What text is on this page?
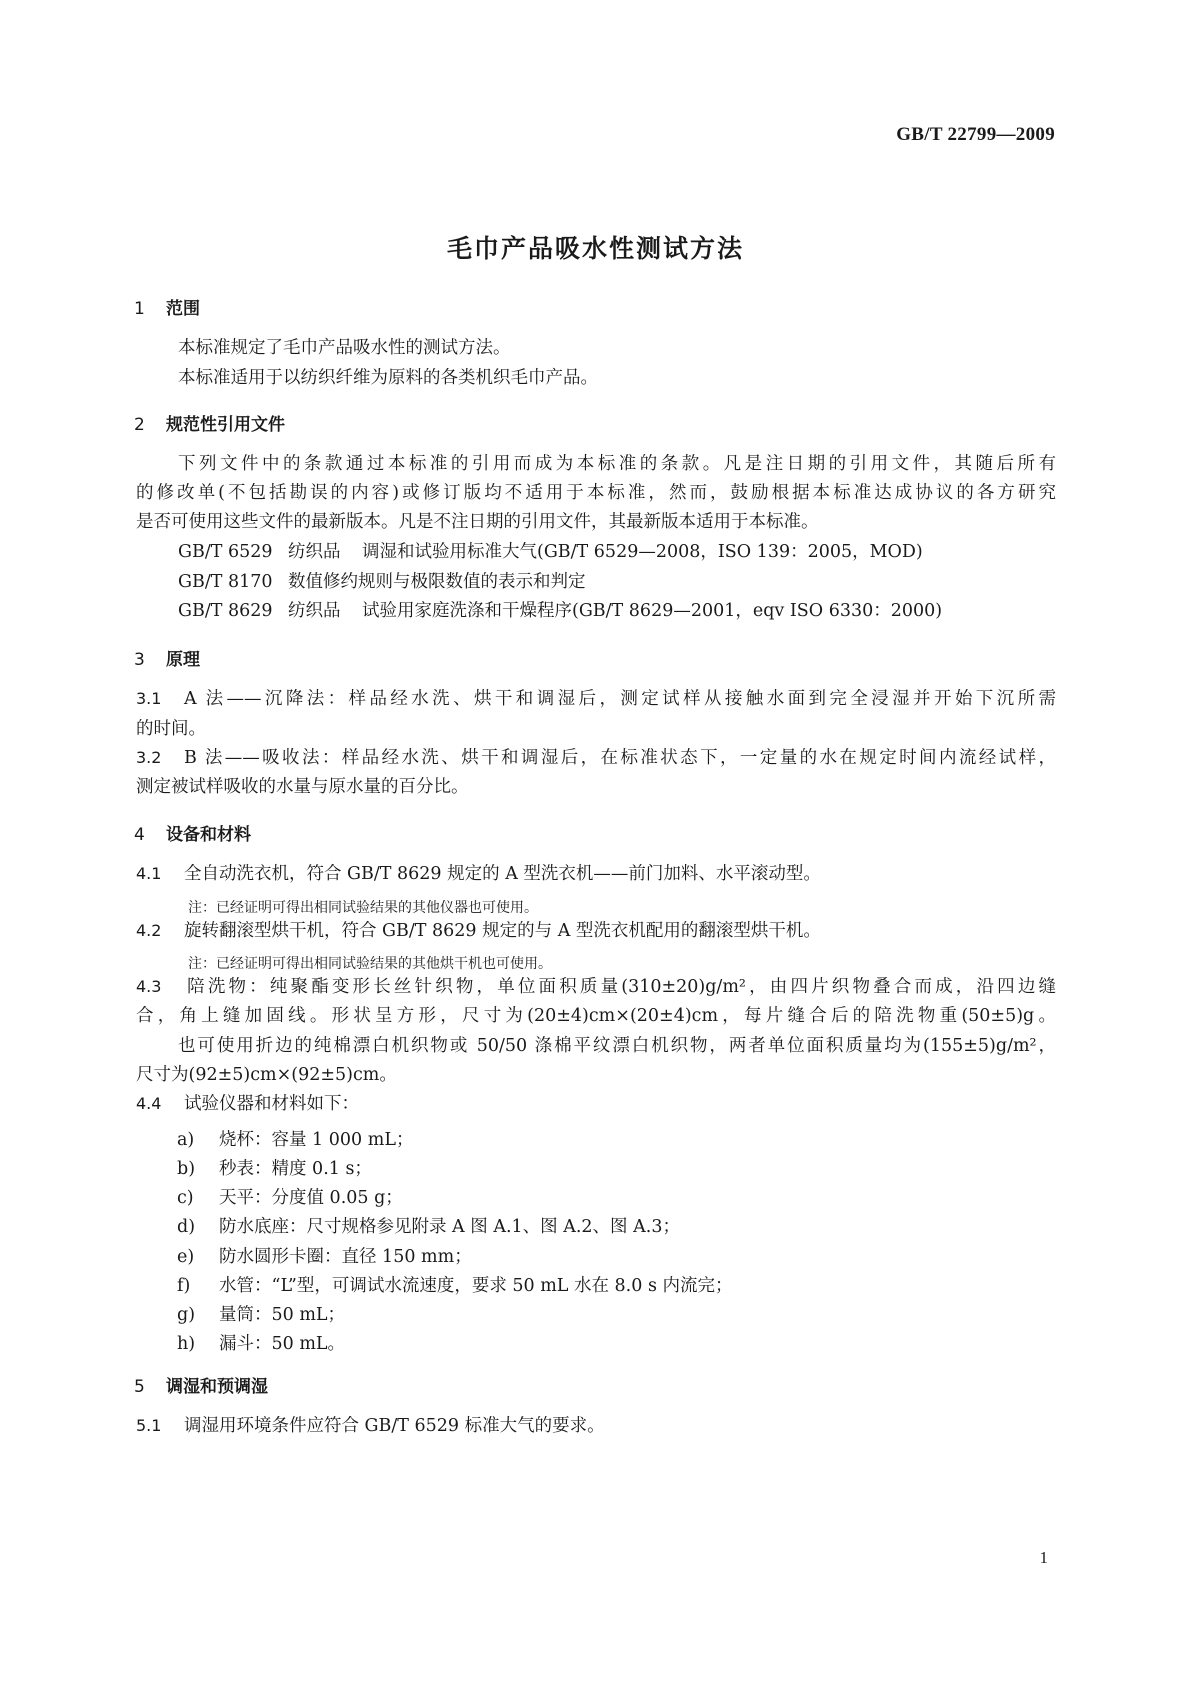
GB/T 22799—2009
毛巾产品吸水性测试方法
1 范围

本标准规定了毛巾产品吸水性的测试方法。

本标准适用于以纺织纤维为原料的各类机织毛巾产品。

2 规范性引用文件

下列文件中的条款通过本标准的引用而成为本标准的条款。凡是注日期的引用文件，其随后所有

的修改单(不包括勘误的内容)或修订版均不适用于本标准，然而，鼓励根据本标准达成协议的各方研究

是否可使用这些文件的最新版本。凡是不注日期的引用文件，其最新版本适用于本标准。

GB/T 6529 纺织品 调湿和试验用标准大气(GB/T 6529—2008，ISO 139：2005，MOD)

GB/T 8170 数值修约规则与极限数值的表示和判定

GB/T 8629 纺织品 试验用家庭洗涤和干燥程序(GB/T 8629—2001，eqv ISO 6330：2000)

3 原理

3.1 A 法——沉降法：样品经水洗、烘干和调湿后，测定试样从接触水面到完全浸湿并开始下沉所需

的时间。

3.2 B 法——吸收法：样品经水洗、烘干和调湿后，在标准状态下，一定量的水在规定时间内流经试样，

测定被试样吸收的水量与原水量的百分比。

4 设备和材料

4.1 全自动洗衣机，符合 GB/T 8629 规定的 A 型洗衣机——前门加料、水平滚动型。

注：已经证明可得出相同试验结果的其他仪器也可使用。

4.2 旋转翻滚型烘干机，符合 GB/T 8629 规定的与 A 型洗衣机配用的翻滚型烘干机。

注：已经证明可得出相同试验结果的其他烘干机也可使用。

4.3 陪洗物：纯聚酯变形长丝针织物，单位面积质量(310±20)g/m²，由四片织物叠合而成，沿四边缝

合，角上缝加固线。形状呈方形，尺寸为(20±4)cm×(20±4)cm，每片缝合后的陪洗物重(50±5)g。

也可使用折边的纯棉漂白机织物或 50/50 涤棉平纹漂白机织物，两者单位面积质量均为(155±5)g/m²，

尺寸为(92±5)cm×(92±5)cm。

4.4 试验仪器和材料如下：

a) 烧杯：容量 1 000 mL；

b) 秒表：精度 0.1 s；

c) 天平：分度值 0.05 g；

d) 防水底座：尺寸规格参见附录 A 图 A.1、图 A.2、图 A.3；

e) 防水圆形卡圈：直径 150 mm；

f) 水管：“L”型，可调试水流速度，要求 50 mL 水在 8.0 s 内流完；

g) 量筒：50 mL；

h) 漏斗：50 mL。

5 调湿和预调湿

5.1 调湿用环境条件应符合 GB/T 6529 标准大气的要求。

1
